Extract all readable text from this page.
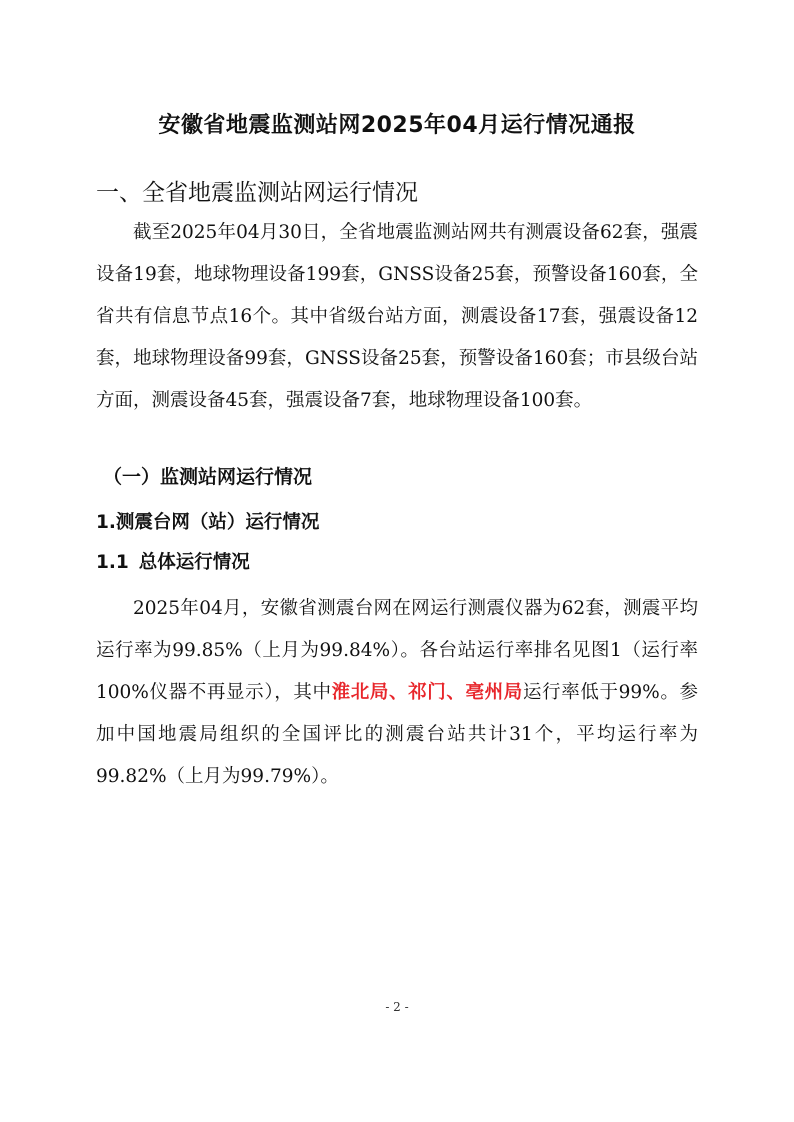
安徽省地震监测站网2025年04月运行情况通报
一、全省地震监测站网运行情况

截至2025年04月30日，全省地震监测站网共有测震设备62套，强震设备19套，地球物理设备199套，GNSS设备25套，预警设备160套，全省共有信息节点16个。其中省级台站方面，测震设备17套，强震设备12套，地球物理设备99套，GNSS设备25套，预警设备160套；市县级台站方面，测震设备45套，强震设备7套，地球物理设备100套。

（一）监测站网运行情况
1.测震台网（站）运行情况
1.1 总体运行情况

2025年04月，安徽省测震台网在网运行测震仪器为62套，测震平均运行率为99.85%（上月为99.84%）。各台站运行率排名见图1（运行率100%仪器不再显示），其中淮北局、祁门、亳州局运行率低于99%。参加中国地震局组织的全国评比的测震台站共计31个，平均运行率为99.82%（上月为99.79%）。

- 2 -
